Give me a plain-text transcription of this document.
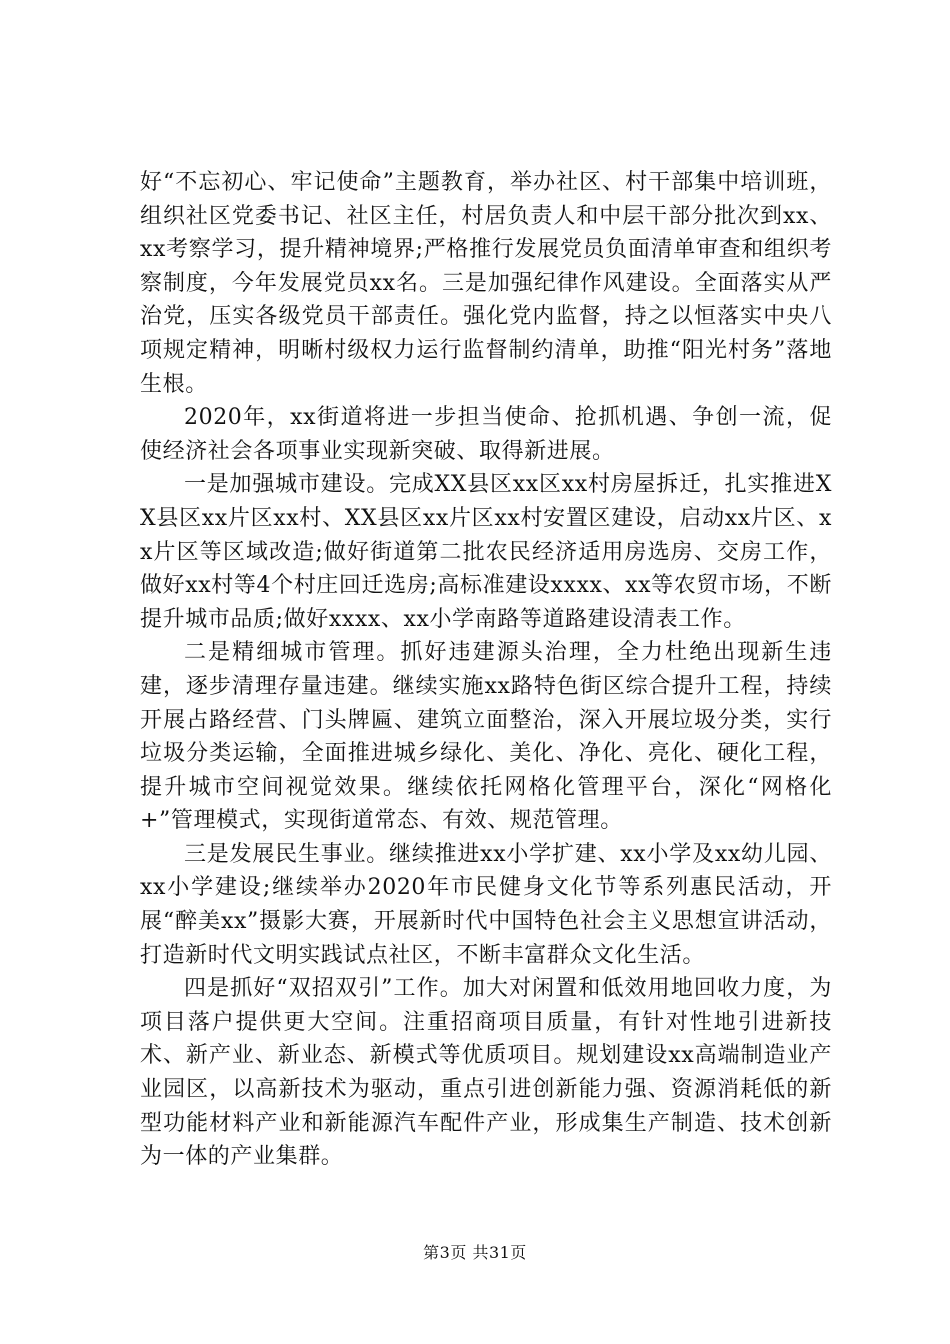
好“不忘初心、牢记使命”主题教育，举办社区、村干部集中培训班，组织社区党委书记、社区主任，村居负责人和中层干部分批次到xx、xx考察学习，提升精神境界;严格推行发展党员负面清单审查和组织考察制度，今年发展党员xx名。三是加强纪律作风建设。全面落实从严治党，压实各级党员干部责任。强化党内监督，持之以恒落实中央八项规定精神，明晰村级权力运行监督制约清单，助推“阳光村务”落地生根。

2020年，xx街道将进一步担当使命、抢抓机遇、争创一流，促使经济社会各项事业实现新突破、取得新进展。

一是加强城市建设。完成XX县区xx区xx村房屋拆迁，扎实推进XX县区xx片区xx村、XX县区xx片区xx村安置区建设，启动xx片区、xx片区等区域改造;做好街道第二批农民经济适用房选房、交房工作，做好xx村等4个村庄回迁选房;高标准建设xxxx、xx等农贸市场，不断提升城市品质;做好xxxx、xx小学南路等道路建设清表工作。

二是精细城市管理。抓好违建源头治理，全力杜绝出现新生违建，逐步清理存量违建。继续实施xx路特色街区综合提升工程，持续开展占路经营、门头牌匾、建筑立面整治，深入开展垃圾分类，实行垃圾分类运输，全面推进城乡绿化、美化、净化、亮化、硬化工程，提升城市空间视觉效果。继续依托网格化管理平台，深化“网格化+”管理模式，实现街道常态、有效、规范管理。

三是发展民生事业。继续推进xx小学扩建、xx小学及xx幼儿园、xx小学建设;继续举办2020年市民健身文化节等系列惠民活动，开展“醉美xx”摄影大赛，开展新时代中国特色社会主义思想宣讲活动，打造新时代文明实践试点社区，不断丰富群众文化生活。

四是抓好“双招双引”工作。加大对闲置和低效用地回收力度，为项目落户提供更大空间。注重招商项目质量，有针对性地引进新技术、新产业、新业态、新模式等优质项目。规划建设xx高端制造业产业园区，以高新技术为驱动，重点引进创新能力强、资源消耗低的新型功能材料产业和新能源汽车配件产业，形成集生产制造、技术创新为一体的产业集群。

第3页 共31页
